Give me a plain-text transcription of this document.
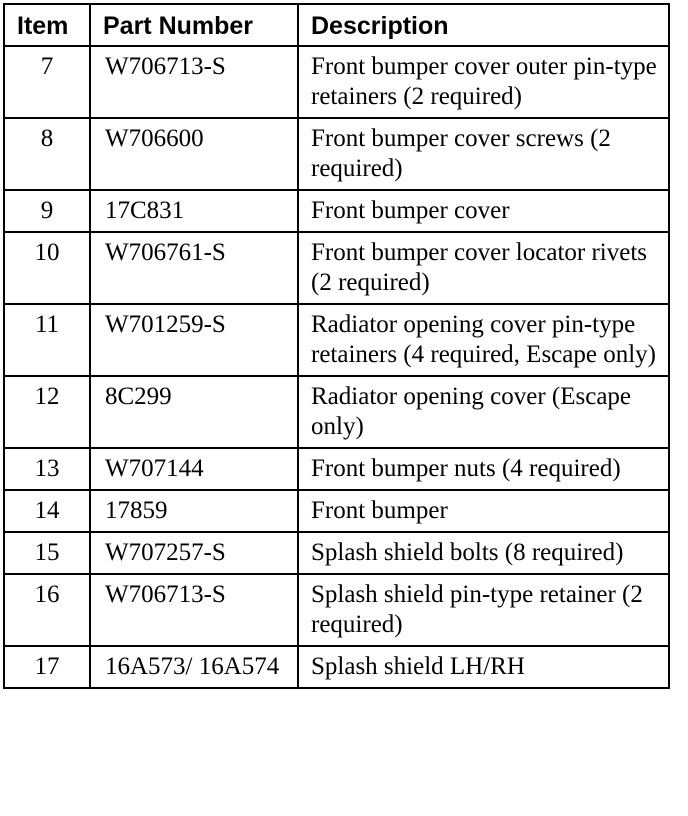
Item	Part Number	Description
7	W706713-S	Front bumper cover outer pin-type retainers (2 required)
8	W706600	Front bumper cover screws (2 required)
9	17C831	Front bumper cover
10	W706761-S	Front bumper cover locator rivets (2 required)
11	W701259-S	Radiator opening cover pin-type retainers (4 required, Escape only)
12	8C299	Radiator opening cover (Escape only)
13	W707144	Front bumper nuts (4 required)
14	17859	Front bumper
15	W707257-S	Splash shield bolts (8 required)
16	W706713-S	Splash shield pin-type retainer (2 required)
17	16A573/ 16A574	Splash shield LH/RH
